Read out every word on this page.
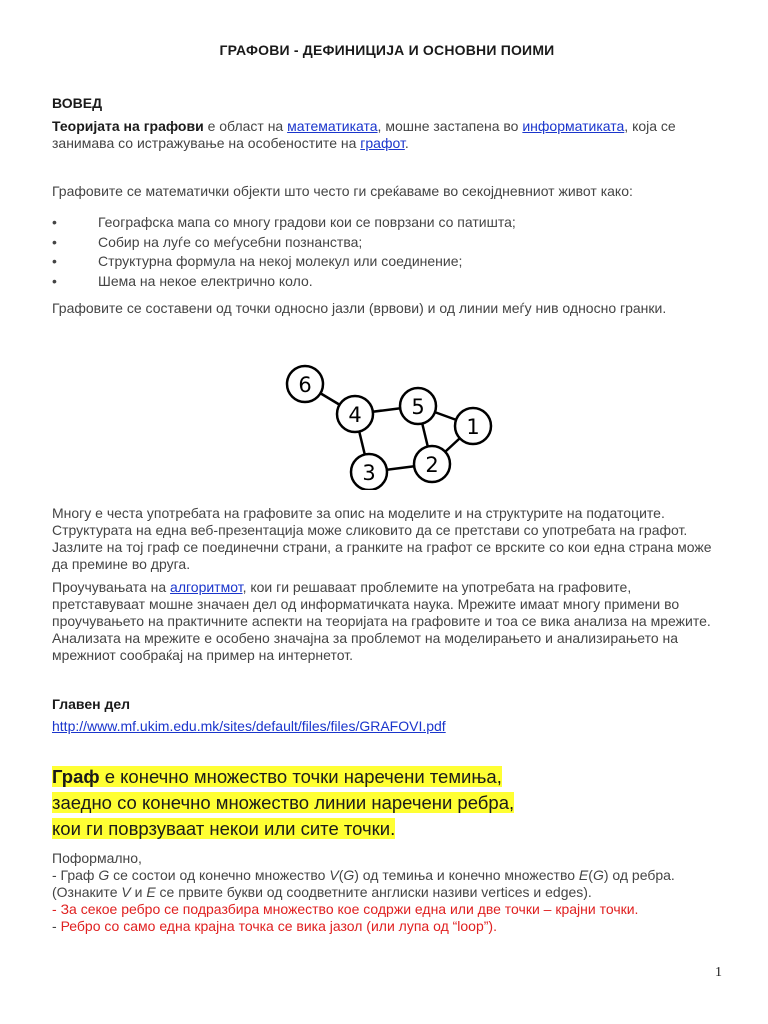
ГРАФОВИ - ДЕФИНИЦИЈА И ОСНОВНИ ПОИМИ
ВОВЕД
Теоријата на графови е област на математиката, мошне застапена во информатиката, која се занимава со истражување на особеностите на графот.
Графовите се математички објекти што често ги среќаваме во секојдневниот живот како:
•	Географска мапа со многу градови кои се поврзани со патишта;
•	Собир на луѓе со меѓусебни познанства;
•	Структурна формула на некој молекул или соединение;
•	Шема на некое електрично коло.
Графовите се составени од точки односно јазли (врвови) и од линии меѓу нив односно гранки.
6
4 5
1
3 2
Многу е честа употребата на графовите за опис на моделите и на структурите на податоците. Структурата на една веб-презентација може сликовито да се претстави со употребата на графот. Јазлите на тој граф се поединечни страни, а гранките на графот се врските со кои една страна може да премине во друга.
Проучувањата на алгоритмот, кои ги решаваат проблемите на употребата на графовите, претставуваат мошне значаен дел од информатичката наука. Мрежите имаат многу примени во проучувањето на практичните аспекти на теоријата на графовите и тоа се вика анализа на мрежите. Анализата на мрежите е особено значајна за проблемот на моделирањето и анализирањето на мрежниот сообраќај на пример на интернетот.
Главен дел
http://www.mf.ukim.edu.mk/sites/default/files/files/GRAFOVI.pdf
Граф е конечно множество точки наречени темиња,
заедно со конечно множество линии наречени ребра,
кои ги поврзуваат некои или сите точки.
Поформално,
- Граф G се состои од конечно множество V(G) од темиња и конечно множество E(G) од ребра.
(Ознаките V и E се првите букви од соодветните англиски називи vertices и edges).
- За секое ребро се подразбира множество кое содржи една или две точки – крајни точки.
- Ребро со само една крајна точка се вика јазол (или лупа од “loop”).
1
